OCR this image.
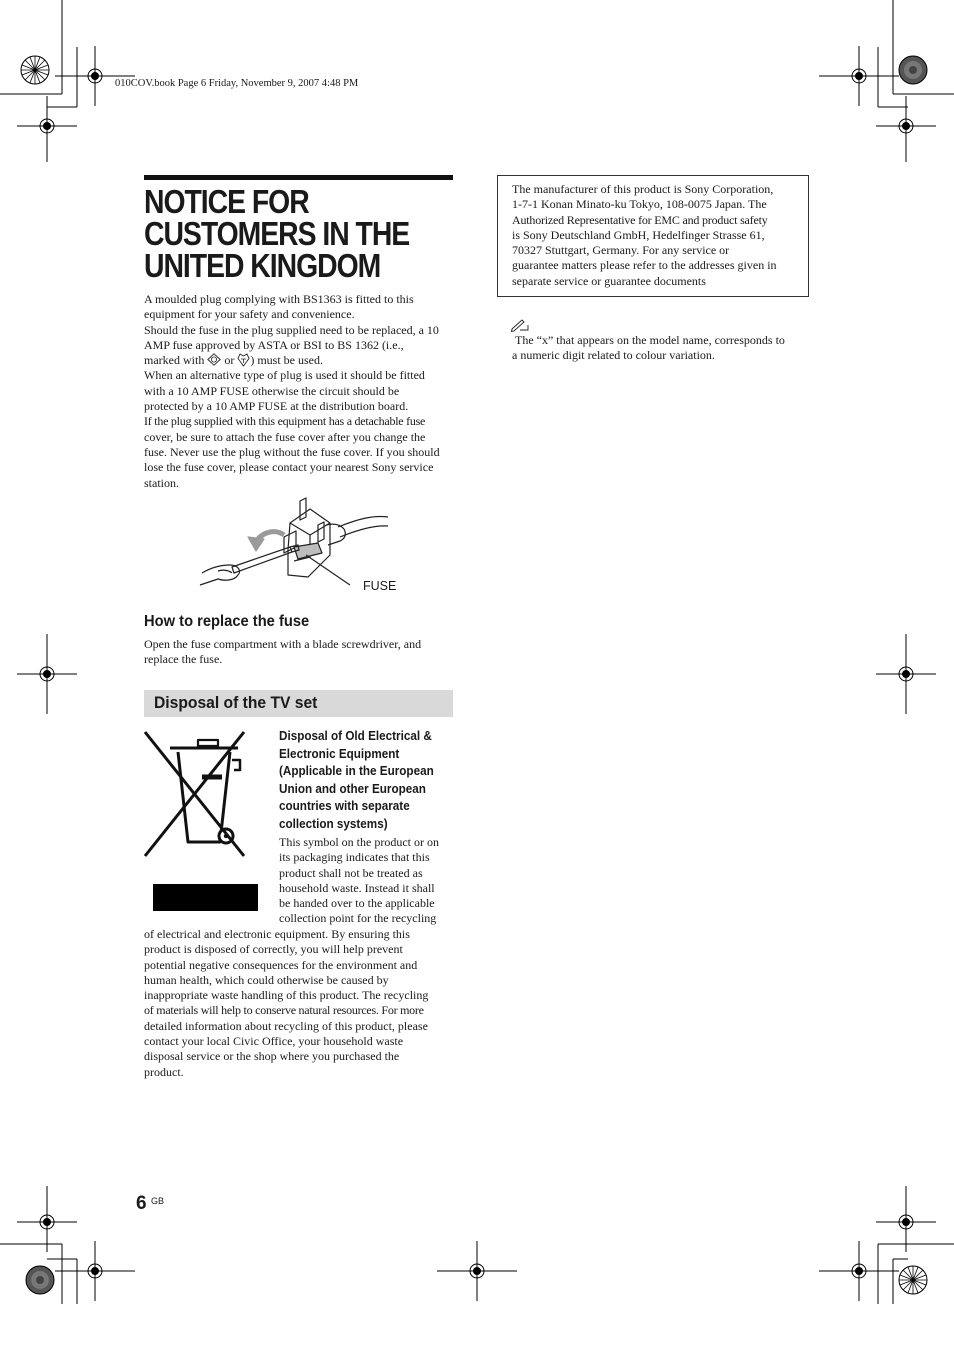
010COV.book Page 6 Friday, November 9, 2007 4:48 PM
NOTICE FOR
CUSTOMERS IN THE
UNITED KINGDOM
A moulded plug complying with BS1363 is fitted to this
equipment for your safety and convenience.
Should the fuse in the plug supplied need to be replaced, a 10
AMP fuse approved by ASTA or BSI to BS 1362 (i.e.,
marked with or ) must be used.
When an alternative type of plug is used it should be fitted
with a 10 AMP FUSE otherwise the circuit should be
protected by a 10 AMP FUSE at the distribution board.
If the plug supplied with this equipment has a detachable fuse
cover, be sure to attach the fuse cover after you change the
fuse. Never use the plug without the fuse cover. If you should
lose the fuse cover, please contact your nearest Sony service
station.
FUSE
How to replace the fuse
Open the fuse compartment with a blade screwdriver, and
replace the fuse.
Disposal of the TV set
Disposal of Old Electrical &
Electronic Equipment
(Applicable in the European
Union and other European
countries with separate
collection systems)
This symbol on the product or on
its packaging indicates that this
product shall not be treated as
household waste. Instead it shall
be handed over to the applicable
collection point for the recycling
of electrical and electronic equipment. By ensuring this
product is disposed of correctly, you will help prevent
potential negative consequences for the environment and
human health, which could otherwise be caused by
inappropriate waste handling of this product. The recycling
of materials will help to conserve natural resources. For more
detailed information about recycling of this product, please
contact your local Civic Office, your household waste
disposal service or the shop where you purchased the
product.
The manufacturer of this product is Sony Corporation,
1-7-1 Konan Minato-ku Tokyo, 108-0075 Japan. The
Authorized Representative for EMC and product safety
is Sony Deutschland GmbH, Hedelfinger Strasse 61,
70327 Stuttgart, Germany. For any service or
guarantee matters please refer to the addresses given in
separate service or guarantee documents
The “x” that appears on the model name, corresponds to
a numeric digit related to colour variation.
6 GB
